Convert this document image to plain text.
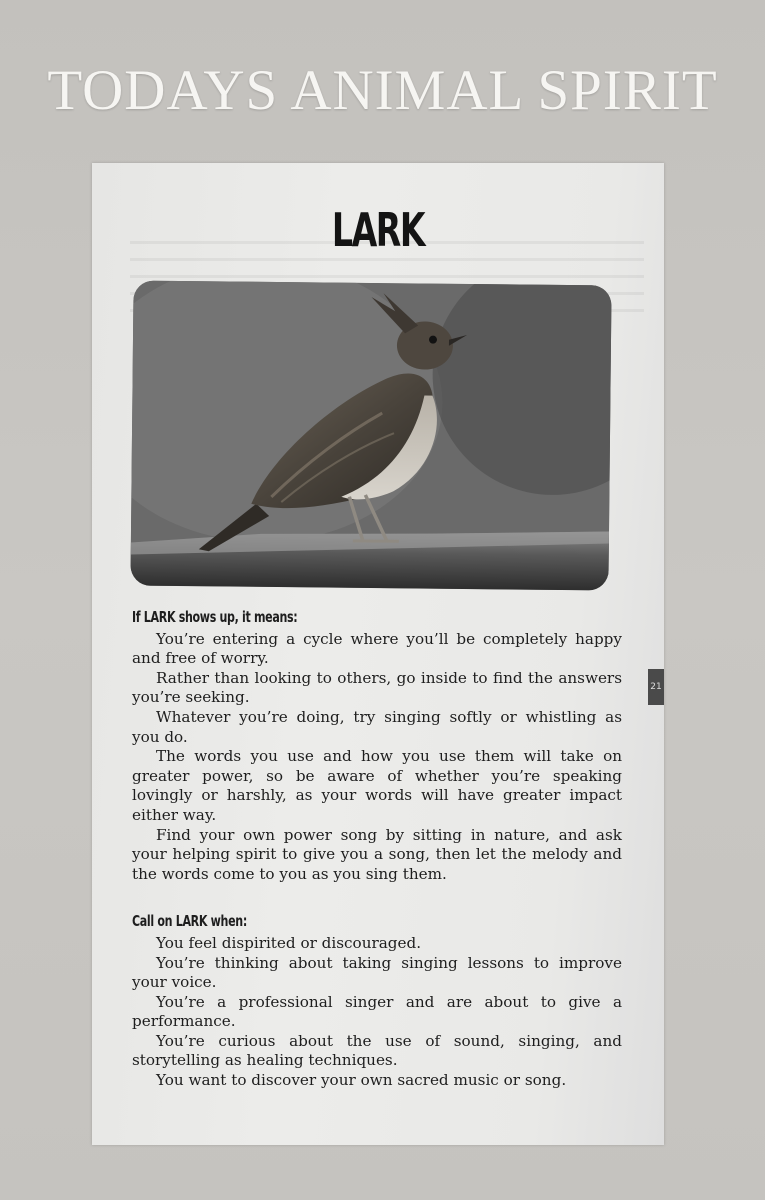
TODAYS ANIMAL SPIRIT
LARK
21
If LARK shows up, it means:

You’re entering a cycle where you’ll be completely happy and free of worry.

Rather than looking to others, go inside to find the answers you’re seeking.

Whatever you’re doing, try singing softly or whistling as you do.

The words you use and how you use them will take on greater power, so be aware of whether you’re speaking lovingly or harshly, as your words will have greater impact either way.

Find your own power song by sitting in nature, and ask your helping spirit to give you a song, then let the melody and the words come to you as you sing them.

Call on LARK when:

You feel dispirited or discouraged.

You’re thinking about taking singing lessons to improve your voice.

You’re a professional singer and are about to give a performance.

You’re curious about the use of sound, singing, and storytelling as healing techniques.

You want to discover your own sacred music or song.
